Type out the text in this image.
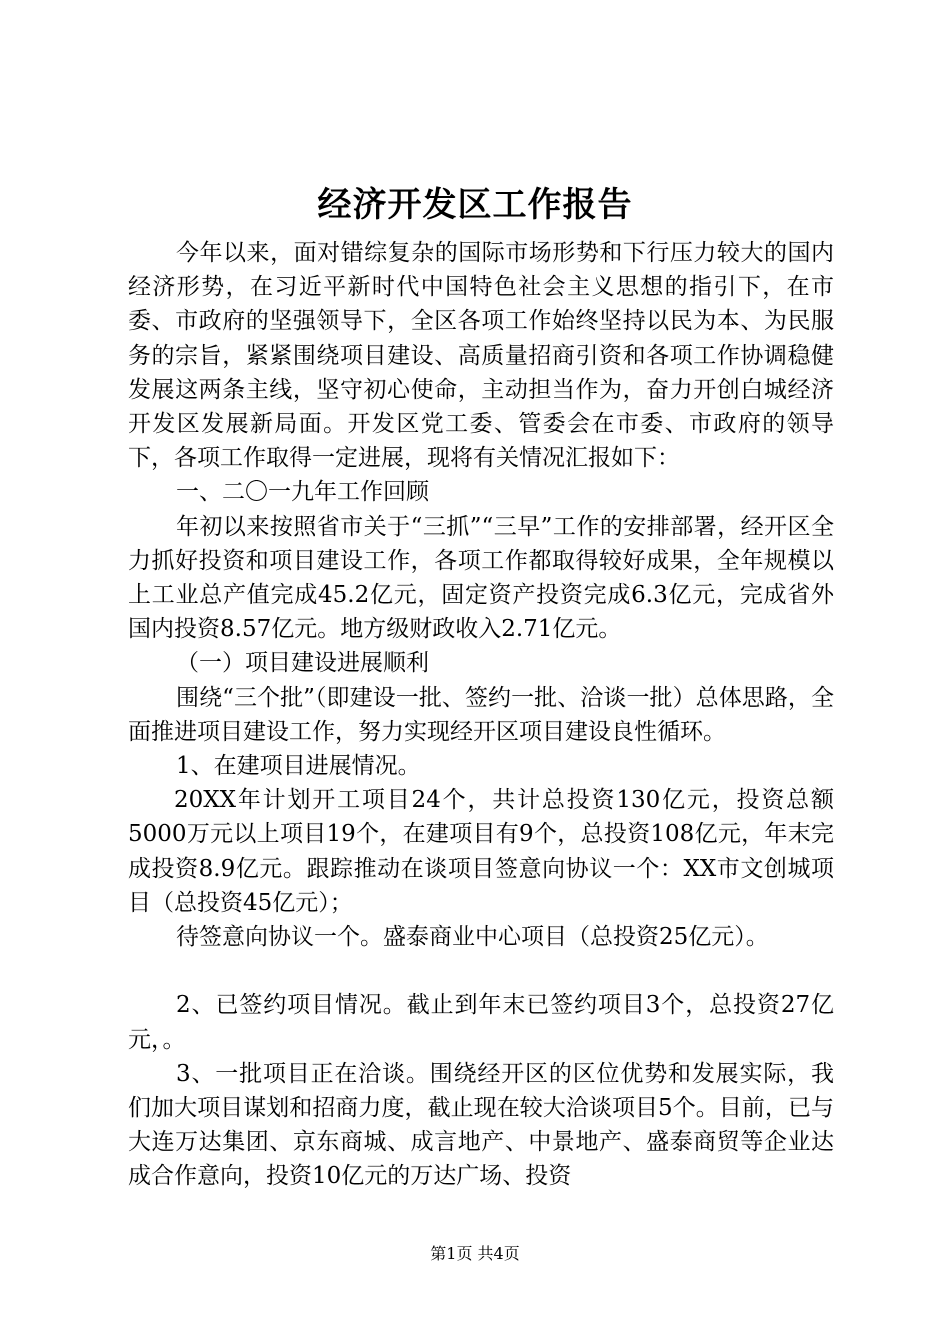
经济开发区工作报告

今年以来，面对错综复杂的国际市场形势和下行压力较大的国内经济形势，在习近平新时代中国特色社会主义思想的指引下，在市委、市政府的坚强领导下，全区各项工作始终坚持以民为本、为民服务的宗旨，紧紧围绕项目建设、高质量招商引资和各项工作协调稳健发展这两条主线，坚守初心使命，主动担当作为，奋力开创白城经济开发区发展新局面。开发区党工委、管委会在市委、市政府的领导下，各项工作取得一定进展，现将有关情况汇报如下：

一、二〇一九年工作回顾

年初以来按照省市关于“三抓”“三早”工作的安排部署，经开区全力抓好投资和项目建设工作，各项工作都取得较好成果，全年规模以上工业总产值完成45.2亿元，固定资产投资完成6.3亿元，完成省外国内投资8.57亿元。地方级财政收入2.71亿元。

（一）项目建设进展顺利

围绕“三个批”（即建设一批、签约一批、洽谈一批）总体思路，全面推进项目建设工作，努力实现经开区项目建设良性循环。

1、在建项目进展情况。

20XX年计划开工项目24个，共计总投资130亿元，投资总额5000万元以上项目19个，在建项目有9个，总投资108亿元，年末完成投资8.9亿元。跟踪推动在谈项目签意向协议一个：XX市文创城项目（总投资45亿元）；

待签意向协议一个。盛泰商业中心项目（总投资25亿元）。

2、已签约项目情况。截止到年末已签约项目3个，总投资27亿元，。

3、一批项目正在洽谈。围绕经开区的区位优势和发展实际，我们加大项目谋划和招商力度，截止现在较大洽谈项目5个。目前，已与大连万达集团、京东商城、成言地产、中景地产、盛泰商贸等企业达成合作意向，投资10亿元的万达广场、投资

第1页 共4页
